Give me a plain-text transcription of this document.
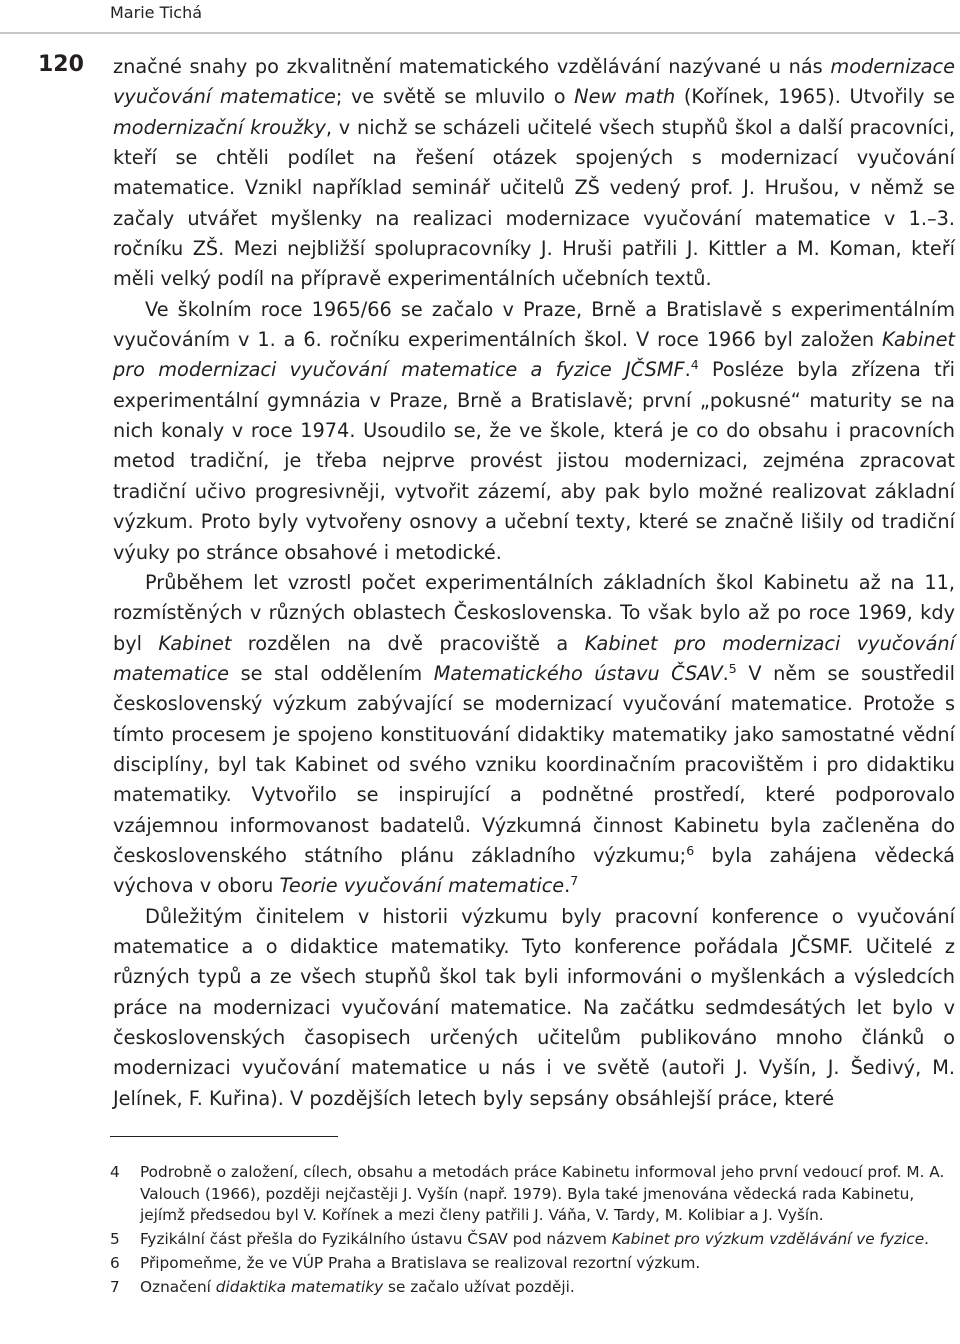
Marie Tichá
120 značné snahy po zkvalitnění matematického vzdělávání nazývané u nás modernizace vyučování matematice; ve světě se mluvilo o New math (Kořínek, 1965). Utvořily se modernizační kroužky, v nichž se scházeli učitelé všech stupňů škol a další pracovníci, kteří se chtěli podílet na řešení otázek spojených s modernizací vyučování matematice. Vznikl například seminář učitelů ZŠ vedený prof. J. Hrušou, v němž se začaly utvářet myšlenky na realizaci modernizace vyučování matematice v 1.–3. ročníku ZŠ. Mezi nejbližší spolupracovníky J. Hruši patřili J. Kittler a M. Koman, kteří měli velký podíl na přípravě experimentálních učebních textů.

Ve školním roce 1965/66 se začalo v Praze, Brně a Bratislavě s experimentálním vyučováním v 1. a 6. ročníku experimentálních škol. V roce 1966 byl založen Kabinet pro modernizaci vyučování matematice a fyzice JČSMF.$^4$ Posléze byla zřízena tři experimentální gymnázia v Praze, Brně a Bratislavě; první „pokusné“ maturity se na nich konaly v roce 1974. Usoudilo se, že ve škole, která je co do obsahu i pracovních metod tradiční, je třeba nejprve provést jistou modernizaci, zejména zpracovat tradiční učivo progresivněji, vytvořit zázemí, aby pak bylo možné realizovat základní výzkum. Proto byly vytvořeny osnovy a učební texty, které se značně lišily od tradiční výuky po stránce obsahové i metodické.

Průběhem let vzrostl počet experimentálních základních škol Kabinetu až na 11, rozmístěných v různých oblastech Československa. To však bylo až po roce 1969, kdy byl Kabinet rozdělen na dvě pracoviště a Kabinet pro modernizaci vyučování matematice se stal oddělením Matematického ústavu ČSAV.$^5$ V něm se soustředil československý výzkum zabývající se modernizací vyučování matematice. Protože s tímto procesem je spojeno konstituování didaktiky matematiky jako samostatné vědní disciplíny, byl tak Kabinet od svého vzniku koordinačním pracovištěm i pro didaktiku matematiky. Vytvořilo se inspirující a podnětné prostředí, které podporovalo vzájemnou informovanost badatelů. Výzkumná činnost Kabinetu byla začleněna do československého státního plánu základního výzkumu;$^6$ byla zahájena vědecká výchova v oboru Teorie vyučování matematice.$^7$

Důležitým činitelem v historii výzkumu byly pracovní konference o vyučování matematice a o didaktice matematiky. Tyto konference pořádala JČSMF. Učitelé z různých typů a ze všech stupňů škol tak byli informováni o myšlenkách a výsledcích práce na modernizaci vyučování matematice. Na začátku sedmdesátých let bylo v československých časopisech určených učitelům publikováno mnoho článků o modernizaci vyučování matematice u nás i ve světě (autoři J. Vyšín, J. Šedivý, M. Jelínek, F. Kuřina). V pozdějších letech byly sepsány obsáhlejší práce, které

4 Podrobně o založení, cílech, obsahu a metodách práce Kabinetu informoval jeho první vedoucí prof. M. A. Valouch (1966), později nejčastěji J. Vyšín (např. 1979). Byla také jmenována vědecká rada Kabinetu, jejímž předsedou byl V. Kořínek a mezi členy patřili J. Váňa, V. Tardy, M. Kolibiar a J. Vyšín.
5 Fyzikální část přešla do Fyzikálního ústavu ČSAV pod názvem Kabinet pro výzkum vzdělávání ve fyzice.
6 Připomeňme, že ve VÚP Praha a Bratislava se realizoval rezortní výzkum.
7 Označení didaktika matematiky se začalo užívat později.
